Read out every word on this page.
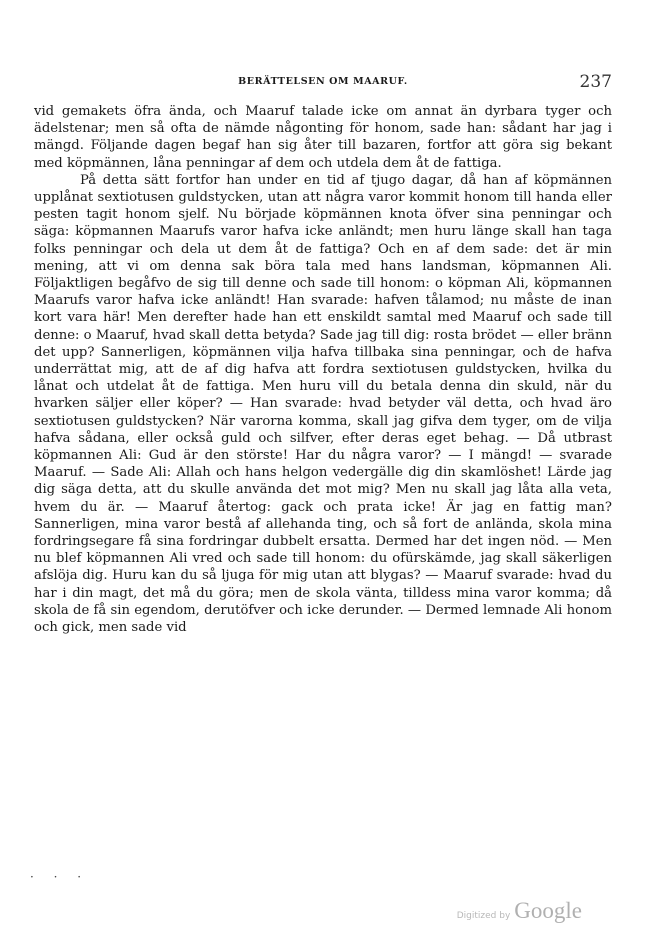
BERÄTTELSEN OM MAARUF.	237

vid gemakets öfra ända, och Maaruf talade icke om annat än dyrbara tyger och ädelstenar; men så ofta de nämde någonting för honom, sade han: sådant har jag i mängd. Följande dagen begaf han sig åter till bazaren, fortfor att göra sig bekant med köpmännen, låna penningar af dem och utdela dem åt de fattiga.

På detta sätt fortfor han under en tid af tjugo dagar, då han af köpmännen upplånat sextiotusen guldstycken, utan att några varor kommit honom till handa eller pesten tagit honom sjelf. Nu började köpmännen knota öfver sina penningar och säga: köpmannen Maarufs varor hafva icke anländt; men huru länge skall han taga folks penningar och dela ut dem åt de fattiga? Och en af dem sade: det är min mening, att vi om denna sak böra tala med hans landsman, köpmannen Ali. Följaktligen begåfvo de sig till denne och sade till honom: o köpman Ali, köpmannen Maarufs varor hafva icke anländt! Han svarade: hafven tålamod; nu måste de inan kort vara här! Men derefter hade han ett enskildt samtal med Maaruf och sade till denne: o Maaruf, hvad skall detta betyda? Sade jag till dig: rosta brödet — eller bränn det upp? Sannerligen, köpmännen vilja hafva tillbaka sina penningar, och de hafva underrättat mig, att de af dig hafva att fordra sextiotusen guldstycken, hvilka du lånat och utdelat åt de fattiga. Men huru vill du betala denna din skuld, när du hvarken säljer eller köper? — Han svarade: hvad betyder väl detta, och hvad äro sextiotusen guldstycken? När varorna komma, skall jag gifva dem tyger, om de vilja hafva sådana, eller också guld och silfver, efter deras eget behag. — Då utbrast köpmannen Ali: Gud är den störste! Har du några varor? — I mängd! — svarade Maaruf. — Sade Ali: Allah och hans helgon vedergälle dig din skamlöshet! Lärde jag dig säga detta, att du skulle använda det mot mig? Men nu skall jag låta alla veta, hvem du är. — Maaruf återtog: gack och prata icke! Är jag en fattig man? Sannerligen, mina varor bestå af allehanda ting, och så fort de anlända, skola mina fordringsegare få sina fordringar dubbelt ersatta. Dermed har det ingen nöd. — Men nu blef köpmannen Ali vred och sade till honom: du ofürskämde, jag skall säkerligen afslöja dig. Huru kan du så ljuga för mig utan att blygas? — Maaruf svarade: hvad du har i din magt, det må du göra; men de skola vänta, tilldess mina varor komma; då skola de få sin egendom, derutöfver och icke derunder. — Dermed lemnade Ali honom och gick, men sade vid

· · ·
Digitized by Google
